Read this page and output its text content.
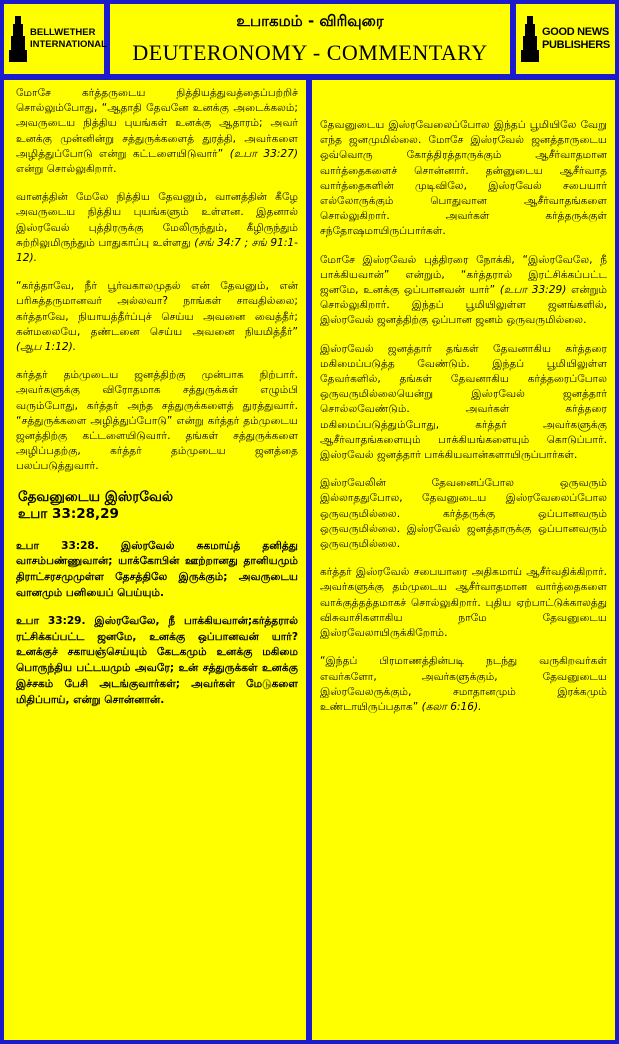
BELLWETHER
INTERNATIONAL
உபாகமம் - விரிவுரை
DEUTERONOMY - COMMENTARY
GOOD NEWS
PUBLISHERS

மோசே கர்த்தருடைய நித்தியத்துவத்தைப்பற்றிச் சொல்லும்போது, “ஆதாதி தேவனே உனக்கு அடைக்கலம்; அவருடைய நித்திய புயங்கள் உனக்கு ஆதாரம்; அவர் உனக்கு முன்னின்று சத்துருக்களைத் துரத்தி, அவர்களை அழித்துப்போடு என்று கட்டளையிடுவார்” (உபா 33:27) என்று சொல்லுகிறார்.

வானத்தின் மேலே நித்திய தேவனும், வானத்தின் கீழே அவருடைய நித்திய புயங்களும் உள்ளன. இதனால் இஸ்ரவேல் புத்திரருக்கு மேலிருந்தும், கீழிருந்தும் சுற்றிலுமிருந்தும் பாதுகாப்பு உள்ளது (சங் 34:7 ; சங் 91:1-12).

“கர்த்தாவே, நீர் பூர்வகாலமுதல் என் தேவனும், என் பரிசுத்தருமானவர் அல்லவா? நாங்கள் சாவதில்லை; கர்த்தாவே, நியாயத்தீர்ப்புச் செய்ய அவனை வைத்தீர்; கன்மலையே, தண்டனை செய்ய அவனை நியமித்தீர்” (ஆப 1:12).

கர்த்தர் தம்முடைய ஜனத்திற்கு முன்பாக நிற்பார். அவர்களுக்கு விரோதமாக சத்துருக்கள் எழும்பி வரும்போது, கர்த்தர் அந்த சத்துருக்களைத் துரத்துவார். “சத்துருக்களை அழித்துப்போடு” என்று கர்த்தர் தம்முடைய ஜனத்திற்கு கட்டளையிடுவார். தங்கள் சத்துருக்களை அழிப்பதற்கு, கர்த்தர் தம்முடைய ஜனத்தை பலப்படுத்துவார்.

தேவனுடைய இஸ்ரவேல்
உபா 33:28,29

உபா 33:28. இஸ்ரவேல் சுகமாய்த் தனித்து வாசம்பண்ணுவான்; யாக்கோபின் ஊற்றானது தானியமும் திராட்சரசமுமுள்ள தேசத்திலே இருக்கும்; அவருடைய வானமும் பனியைப் பெய்யும்.

உபா 33:29. இஸ்ரவேலே, நீ பாக்கியவான்;கர்த்தரால் ரட்சிக்கப்பட்ட ஜனமே, உனக்கு ஒப்பானவன் யார்? உனக்குச் சகாயஞ்செய்யும் கேடகமும் உனக்கு மகிமை பொருந்திய பட்டயமும் அவரே; உன் சத்துருக்கள் உனக்கு இச்சகம் பேசி அடங்குவார்கள்; அவர்கள் மேடுகளை மிதிப்பாய், என்று சொன்னான்.

தேவனுடைய இஸ்ரவேலைப்போல இந்தப் பூமியிலே வேறு எந்த ஜனமுமில்லை. மோசே இஸ்ரவேல் ஜனத்தாருடைய ஒவ்வொரு கோத்திரத்தாருக்கும் ஆசீர்வாதமான வார்த்தைகளைச் சொன்னார். தன்னுடைய ஆசீர்வாத வார்த்தைகளின் முடிவிலே, இஸ்ரவேல் சபையார் எல்லோருக்கும் பொதுவான ஆசீர்வாதங்களை சொல்லுகிறார். அவர்கள் கர்த்தருக்குள் சந்தோஷமாயிருப்பார்கள்.

மோசே இஸ்ரவேல் புத்திரரை நோக்கி, “இஸ்ரவேலே, நீ பாக்கியவான்” என்றும், “கர்த்தரால் இரட்சிக்கப்பட்ட ஜனமே, உனக்கு ஒப்பானவன் யார்” (உபா 33:29) என்றும் சொல்லுகிறார். இந்தப் பூமியிலுள்ள ஜனங்களில், இஸ்ரவேல் ஜனத்திற்கு ஒப்பான ஜனம் ஒருவருமில்லை.

இஸ்ரவேல் ஜனத்தார் தங்கள் தேவனாகிய கர்த்தரை மகிமைப்படுத்த வேண்டும். இந்தப் பூமியிலுள்ள தேவர்களில், தங்கள் தேவனாகிய கர்த்தரைப்போல ஒருவருமில்லையென்று இஸ்ரவேல் ஜனத்தார் சொல்லவேண்டும். அவர்கள் கர்த்தரை மகிமைப்படுத்தும்போது, கர்த்தர் அவர்களுக்கு ஆசீர்வாதங்களையும் பாக்கியங்களையும் கொடுப்பார். இஸ்ரவேல் ஜனத்தார் பாக்கியவான்களாயிருப்பார்கள்.

இஸ்ரவேலின் தேவனைப்போல ஒருவரும் இல்லாததுபோல, தேவனுடைய இஸ்ரவேலைப்போல ஒருவருமில்லை. கர்த்தருக்கு ஒப்பானவரும் ஒருவருமில்லை. இஸ்ரவேல் ஜனத்தாருக்கு ஒப்பானவரும் ஒருவருமில்லை.

கர்த்தர் இஸ்ரவேல் சபையாரை அதிகமாய் ஆசீர்வதிக்கிறார். அவர்களுக்கு தம்முடைய ஆசீர்வாதமான வார்த்தைகளை வாக்குத்தத்தமாகச் சொல்லுகிறார். புதிய ஏற்பாட்டுக்காலத்து விசுவாசிகளாகிய நாமே தேவனுடைய இஸ்ரவேலாயிருக்கிறோம்.

“இந்தப் பிரமாணத்தின்படி நடந்து வருகிறவர்கள் எவர்களோ, அவர்களுக்கும், தேவனுடைய இஸ்ரவேலருக்கும், சமாதானமும் இரக்கமும் உண்டாயிருப்பதாக” (கலா 6:16).
